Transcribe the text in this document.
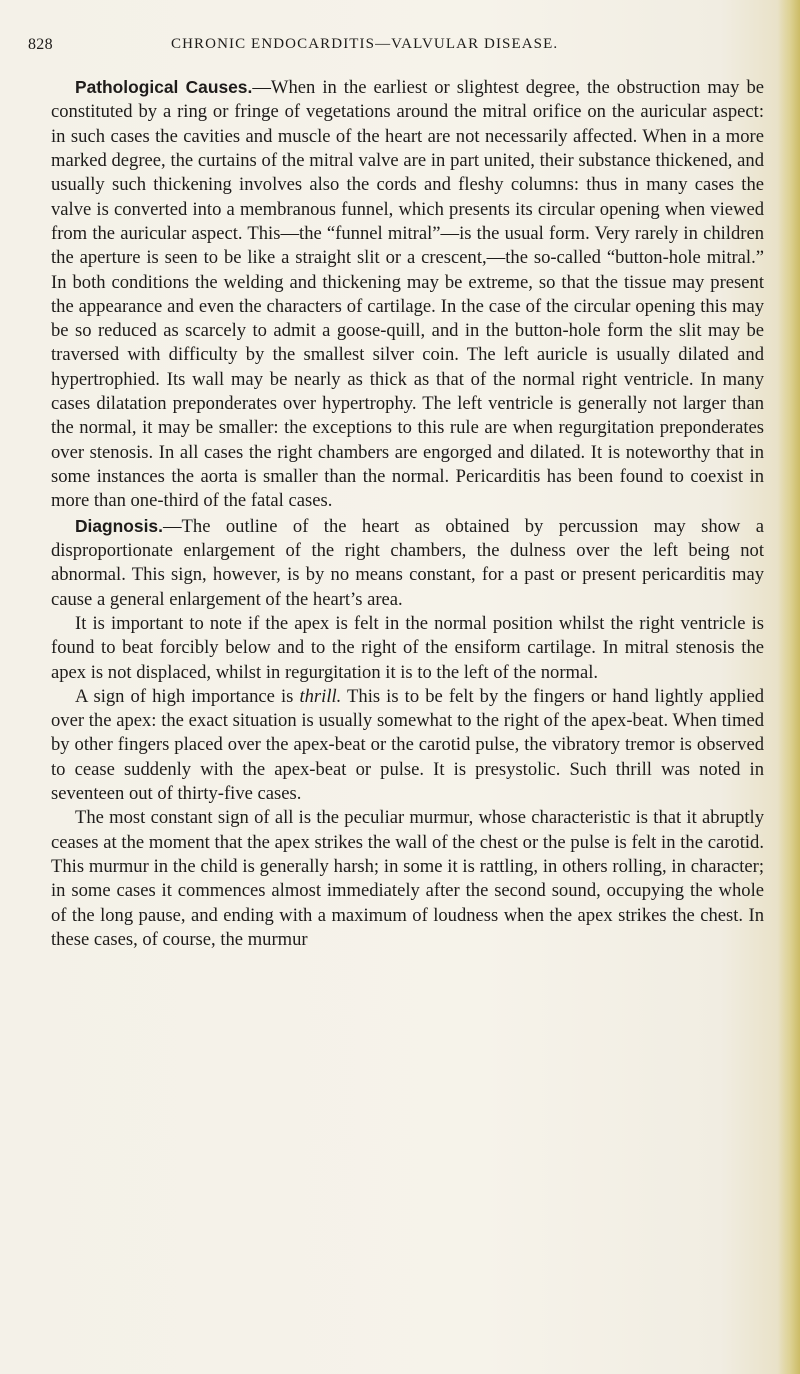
828	CHRONIC ENDOCARDITIS—VALVULAR DISEASE.

Pathological Causes.—When in the earliest or slightest degree, the obstruction may be constituted by a ring or fringe of vegetations around the mitral orifice on the auricular aspect: in such cases the cavities and muscle of the heart are not necessarily affected. When in a more marked degree, the curtains of the mitral valve are in part united, their substance thickened, and usually such thickening involves also the cords and fleshy columns: thus in many cases the valve is converted into a membranous funnel, which presents its circular opening when viewed from the auricular aspect. This—the “funnel mitral”—is the usual form. Very rarely in children the aperture is seen to be like a straight slit or a crescent,—the so-called “button-hole mitral.” In both conditions the welding and thickening may be extreme, so that the tissue may present the appearance and even the characters of cartilage. In the case of the circular opening this may be so reduced as scarcely to admit a goose-quill, and in the button-hole form the slit may be traversed with difficulty by the smallest silver coin. The left auricle is usually dilated and hypertrophied. Its wall may be nearly as thick as that of the normal right ventricle. In many cases dilatation preponderates over hypertrophy. The left ventricle is generally not larger than the normal, it may be smaller: the exceptions to this rule are when regurgitation preponderates over stenosis. In all cases the right chambers are engorged and dilated. It is noteworthy that in some instances the aorta is smaller than the normal. Pericarditis has been found to coexist in more than one-third of the fatal cases.

Diagnosis.—The outline of the heart as obtained by percussion may show a disproportionate enlargement of the right chambers, the dulness over the left being not abnormal. This sign, however, is by no means constant, for a past or present pericarditis may cause a general enlargement of the heart’s area.

It is important to note if the apex is felt in the normal position whilst the right ventricle is found to beat forcibly below and to the right of the ensiform cartilage. In mitral stenosis the apex is not displaced, whilst in regurgitation it is to the left of the normal.

A sign of high importance is thrill. This is to be felt by the fingers or hand lightly applied over the apex: the exact situation is usually somewhat to the right of the apex-beat. When timed by other fingers placed over the apex-beat or the carotid pulse, the vibratory tremor is observed to cease suddenly with the apex-beat or pulse. It is presystolic. Such thrill was noted in seventeen out of thirty-five cases.

The most constant sign of all is the peculiar murmur, whose characteristic is that it abruptly ceases at the moment that the apex strikes the wall of the chest or the pulse is felt in the carotid. This murmur in the child is generally harsh; in some it is rattling, in others rolling, in character; in some cases it commences almost immediately after the second sound, occupying the whole of the long pause, and ending with a maximum of loudness when the apex strikes the chest. In these cases, of course, the murmur
